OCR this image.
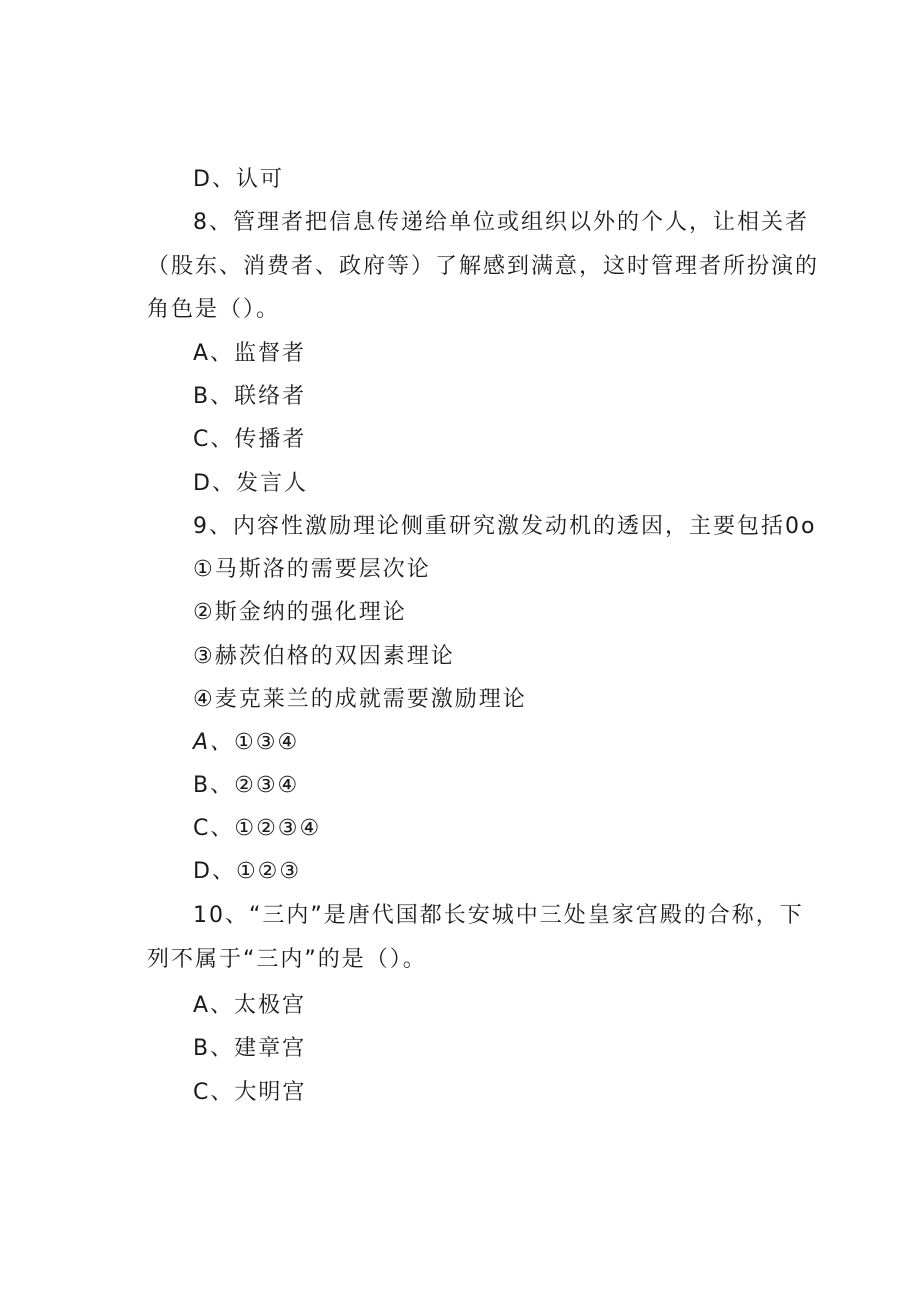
D、认可
8、管理者把信息传递给单位或组织以外的个人，让相关者
（股东、消费者、政府等）了解感到满意，这时管理者所扮演的
角色是（）。
A、监督者
B、联络者
C、传播者
D、发言人
9、内容性激励理论侧重研究激发动机的透因，主要包括0o
①马斯洛的需要层次论
②斯金纳的强化理论
③赫茨伯格的双因素理论
④麦克莱兰的成就需要激励理论
A、①③④
B、②③④
C、①②③④
D、①②③
10、“三内”是唐代国都长安城中三处皇家宫殿的合称，下
列不属于“三内”的是（）。
A、太极宫
B、建章宫
C、大明宫
